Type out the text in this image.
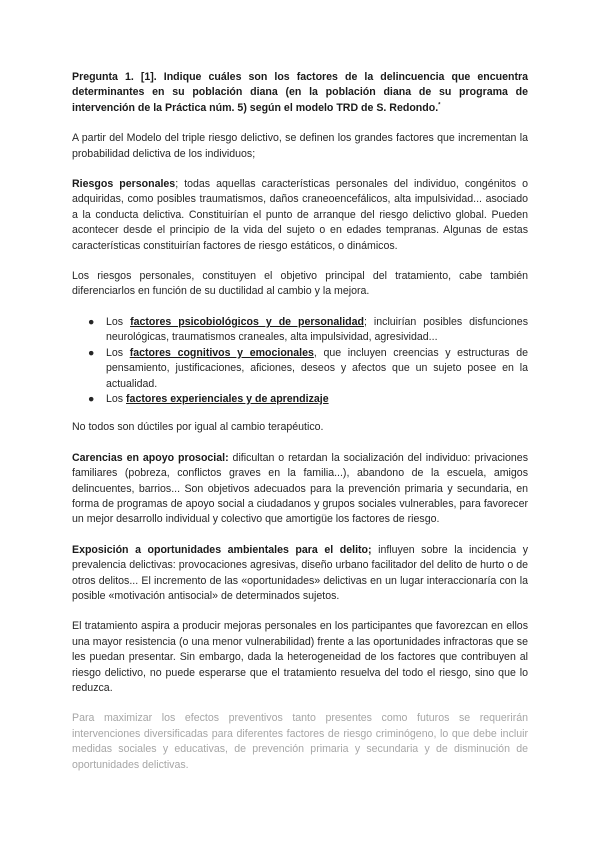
Pregunta 1. [1]. Indique cuáles son los factores de la delincuencia que encuentra determinantes en su población diana (en la población diana de su programa de intervención de la Práctica núm. 5) según el modelo TRD de S. Redondo.*

A partir del Modelo del triple riesgo delictivo, se definen los grandes factores que incrementan la probabilidad delictiva de los individuos;

Riesgos personales; todas aquellas características personales del individuo, congénitos o adquiridas, como posibles traumatismos, daños craneoencefálicos, alta impulsividad... asociado a la conducta delictiva. Constituirían el punto de arranque del riesgo delictivo global. Pueden acontecer desde el principio de la vida del sujeto o en edades tempranas. Algunas de estas características constituirían factores de riesgo estáticos, o dinámicos.

Los riesgos personales, constituyen el objetivo principal del tratamiento, cabe también diferenciarlos en función de su ductilidad al cambio y la mejora.

● Los factores psicobiológicos y de personalidad; incluirían posibles disfunciones neurológicas, traumatismos craneales, alta impulsividad, agresividad...
● Los factores cognitivos y emocionales, que incluyen creencias y estructuras de pensamiento, justificaciones, aficiones, deseos y afectos que un sujeto posee en la actualidad.
● Los factores experienciales y de aprendizaje

No todos son dúctiles por igual al cambio terapéutico.

Carencias en apoyo prosocial: dificultan o retardan la socialización del individuo: privaciones familiares (pobreza, conflictos graves en la familia...), abandono de la escuela, amigos delincuentes, barrios... Son objetivos adecuados para la prevención primaria y secundaria, en forma de programas de apoyo social a ciudadanos y grupos sociales vulnerables, para favorecer un mejor desarrollo individual y colectivo que amortigüe los factores de riesgo.

Exposición a oportunidades ambientales para el delito; influyen sobre la incidencia y prevalencia delictivas: provocaciones agresivas, diseño urbano facilitador del delito de hurto o de otros delitos... El incremento de las «oportunidades» delictivas en un lugar interaccionaría con la posible «motivación antisocial» de determinados sujetos.

El tratamiento aspira a producir mejoras personales en los participantes que favorezcan en ellos una mayor resistencia (o una menor vulnerabilidad) frente a las oportunidades infractoras que se les puedan presentar. Sin embargo, dada la heterogeneidad de los factores que contribuyen al riesgo delictivo, no puede esperarse que el tratamiento resuelva del todo el riesgo, sino que lo reduzca.

Para maximizar los efectos preventivos tanto presentes como futuros se requerirán intervenciones diversificadas para diferentes factores de riesgo criminógeno, lo que debe incluir medidas sociales y educativas, de prevención primaria y secundaria y de disminución de oportunidades delictivas.
